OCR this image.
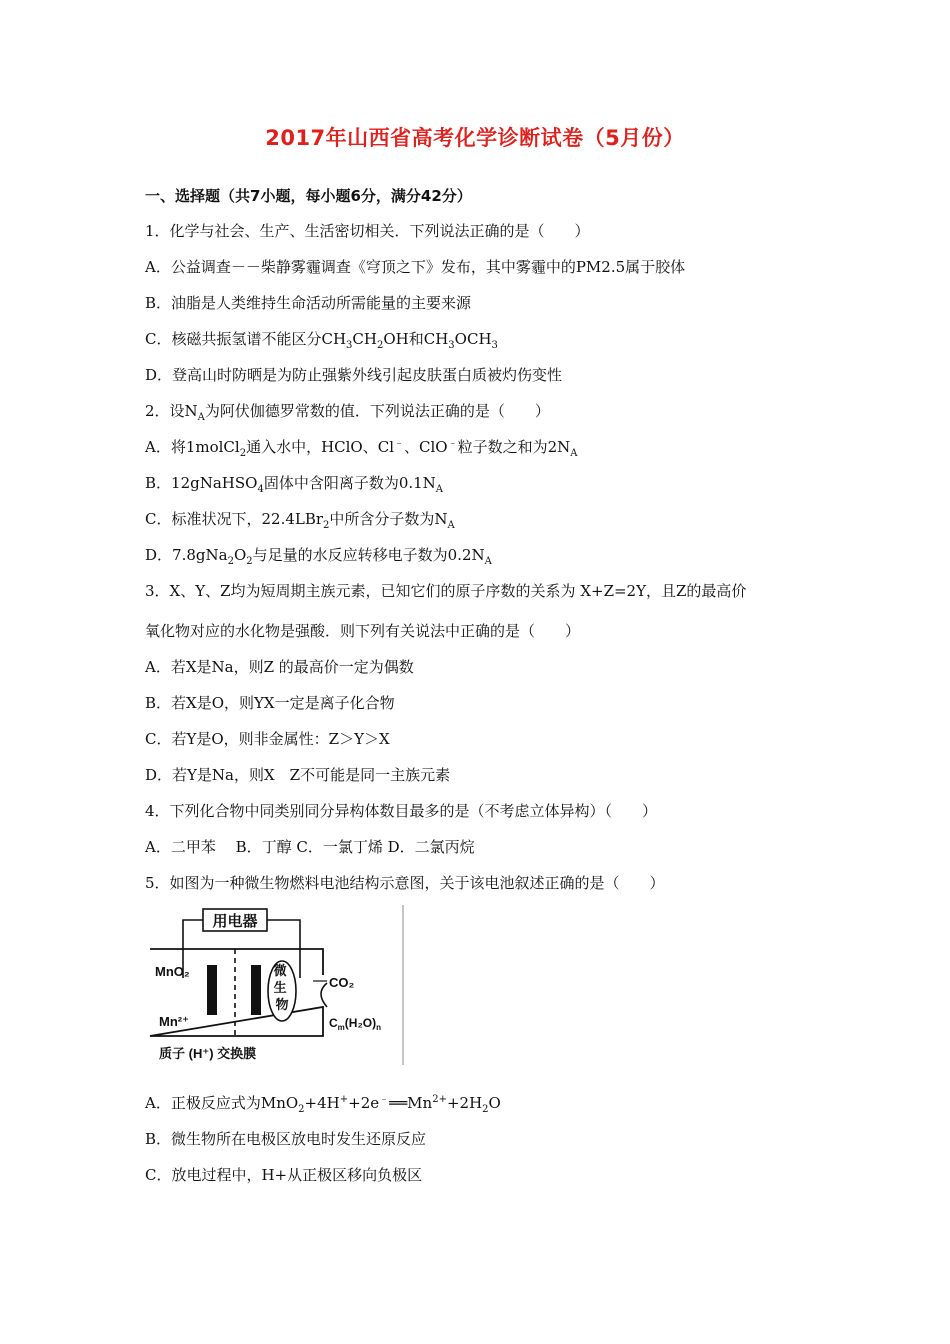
2017年山西省高考化学诊断试卷（5月份）
一、选择题（共7小题，每小题6分，满分42分）
1．化学与社会、生产、生活密切相关．下列说法正确的是（　　）
A．公益调查－－柴静雾霾调查《穹顶之下》发布，其中雾霾中的PM2.5属于胶体
B．油脂是人类维持生命活动所需能量的主要来源
C．核磁共振氢谱不能区分$CH_3CH_2OH$和$CH_3OCH_3$
D．登高山时防晒是为防止强紫外线引起皮肤蛋白质被灼伤变性
2．设$N_A$为阿伏伽德罗常数的值．下列说法正确的是（　　）
A．将1molCl$_2$通入水中，HClO、Cl﹣、ClO﹣粒子数之和为$2N_A$
B．12gNaHSO$_4$固体中含阳离子数为$0.1N_A$
C．标准状况下，22.4LBr$_2$中所含分子数为$N_A$
D．$7.8gNa_2O_2$与足量的水反应转移电子数为$0.2N_A$
3．X、Y、Z均为短周期主族元素，已知它们的原子序数的关系为 X+Z=2Y，且Z的最高价
氧化物对应的水化物是强酸．则下列有关说法中正确的是（　　）
A．若X是Na，则Z 的最高价一定为偶数
B．若X是O，则YX一定是离子化合物
C．若Y是O，则非金属性：Z＞Y＞X
D．若Y是Na，则X　Z不可能是同一主族元素
4．下列化合物中同类别同分异构体数目最多的是（不考虑立体异构）（　　）
A．二甲苯　 B．丁醇 C．一氯丁烯 D．二氯丙烷
5．如图为一种微生物燃料电池结构示意图，关于该电池叙述正确的是（　　）
用电器
微 生 物
MnO₂
Mn²⁺
CO₂
$C_m(H_2O)_n$
质子 (H⁺) 交换膜
A．正极反应式为$MnO_2+4H^++2e^﹣══Mn^{2+}+2H_2O$
B．微生物所在电极区放电时发生还原反应
C．放电过程中，H+从正极区移向负极区
